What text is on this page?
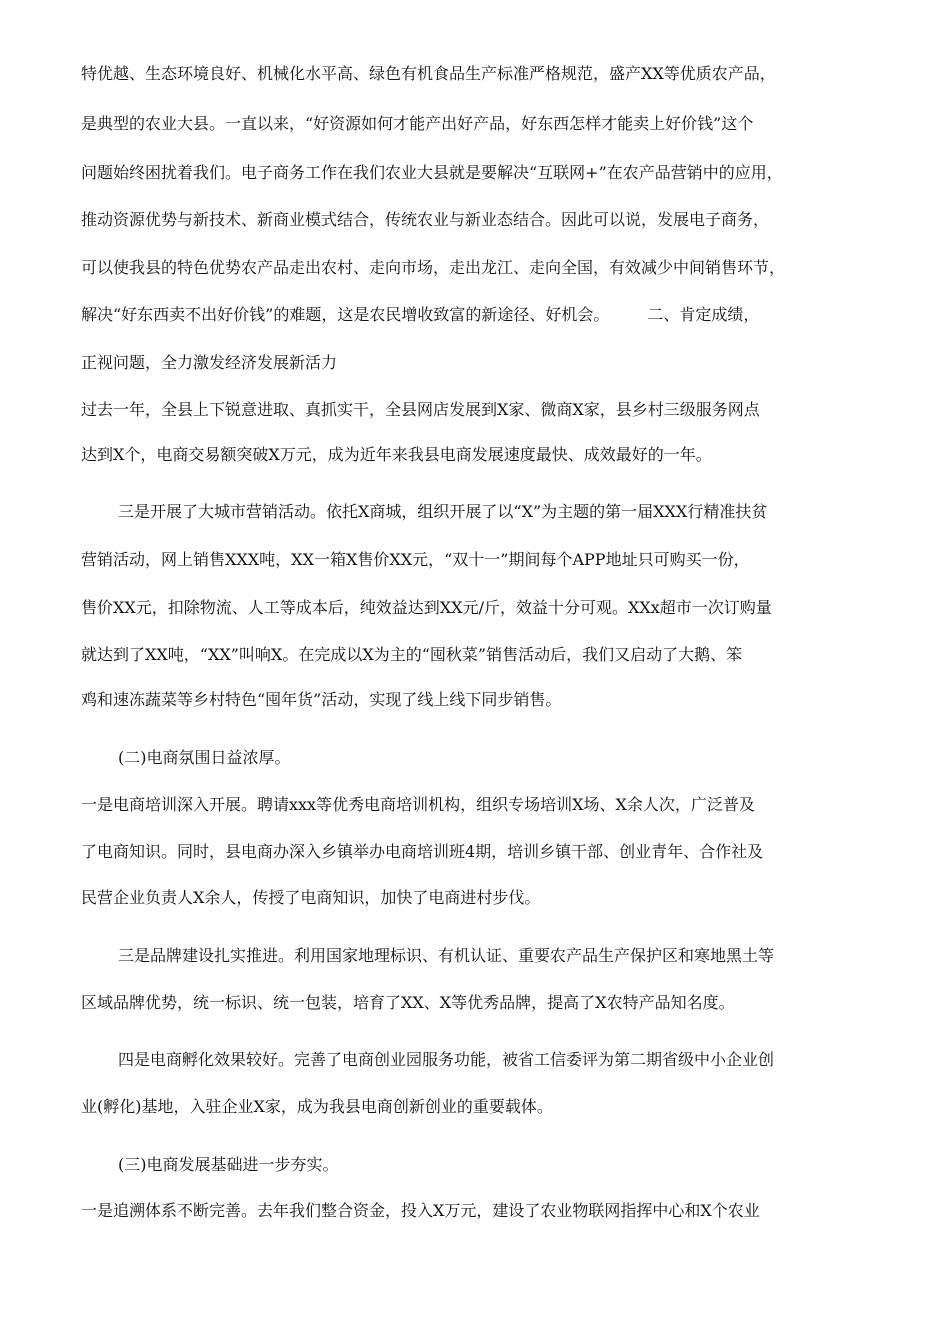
特优越、生态环境良好、机械化水平高、绿色有机食品生产标准严格规范，盛产XX等优质农产品，
是典型的农业大县。一直以来，“好资源如何才能产出好产品，好东西怎样才能卖上好价钱”这个
问题始终困扰着我们。电子商务工作在我们农业大县就是要解决“互联网+”在农产品营销中的应用，
推动资源优势与新技术、新商业模式结合，传统农业与新业态结合。因此可以说，发展电子商务，
可以使我县的特色优势农产品走出农村、走向市场，走出龙江、走向全国，有效减少中间销售环节，
解决“好东西卖不出好价钱”的难题，这是农民增收致富的新途径、好机会。 二、肯定成绩，
正视问题，全力激发经济发展新活力
过去一年，全县上下锐意进取、真抓实干，全县网店发展到X家、微商X家，县乡村三级服务网点
达到X个，电商交易额突破X万元，成为近年来我县电商发展速度最快、成效最好的一年。
三是开展了大城市营销活动。依托X商城，组织开展了以“X”为主题的第一届XXX行精准扶贫
营销活动，网上销售XXX吨，XX一箱X售价XX元，“双十一”期间每个APP地址只可购买一份，
售价XX元，扣除物流、人工等成本后，纯效益达到XX元/斤，效益十分可观。XXx超市一次订购量
就达到了XX吨，“XX”叫响X。在完成以X为主的“囤秋菜”销售活动后，我们又启动了大鹅、笨
鸡和速冻蔬菜等乡村特色“囤年货”活动，实现了线上线下同步销售。
(二)电商氛围日益浓厚。
一是电商培训深入开展。聘请xxx等优秀电商培训机构，组织专场培训X场、X余人次，广泛普及
了电商知识。同时，县电商办深入乡镇举办电商培训班4期，培训乡镇干部、创业青年、合作社及
民营企业负责人X余人，传授了电商知识，加快了电商进村步伐。
三是品牌建设扎实推进。利用国家地理标识、有机认证、重要农产品生产保护区和寒地黑土等
区域品牌优势，统一标识、统一包装，培育了XX、X等优秀品牌，提高了X农特产品知名度。
四是电商孵化效果较好。完善了电商创业园服务功能，被省工信委评为第二期省级中小企业创
业(孵化)基地，入驻企业X家，成为我县电商创新创业的重要载体。
(三)电商发展基础进一步夯实。
一是追溯体系不断完善。去年我们整合资金，投入X万元，建设了农业物联网指挥中心和X个农业
